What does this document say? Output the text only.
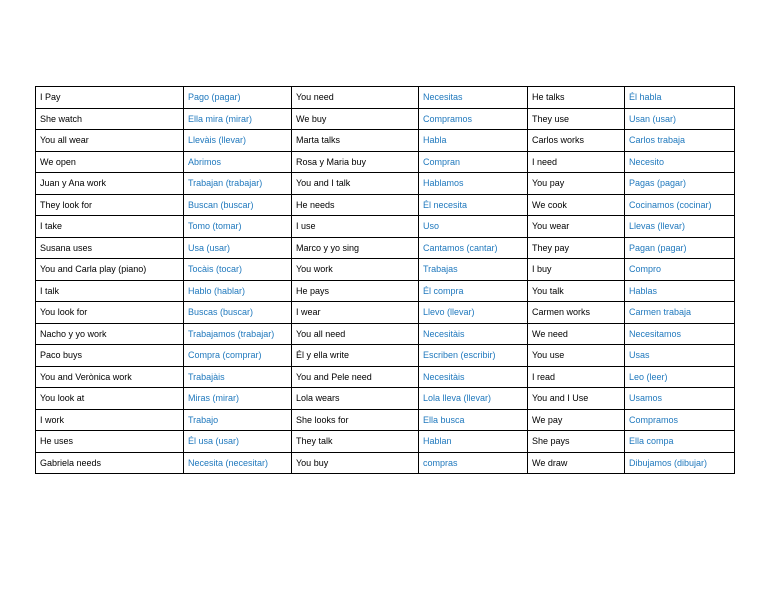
I Pay	Pago (pagar)	You need	Necesitas	He talks	Él habla
She watch	Ella mira (mirar)	We buy	Compramos	They use	Usan (usar)
You all wear	Llevàis (llevar)	Marta talks	Habla	Carlos works	Carlos trabaja
We open	Abrimos	Rosa y Maria buy	Compran	I need	Necesito
Juan y Ana work	Trabajan (trabajar)	You and I talk	Hablamos	You pay	Pagas (pagar)
They look for	Buscan (buscar)	He needs	Él necesita	We cook	Cocinamos (cocinar)
I take	Tomo (tomar)	I use	Uso	You wear	Llevas (llevar)
Susana uses	Usa (usar)	Marco y yo sing	Cantamos (cantar)	They pay	Pagan (pagar)
You and Carla play (piano)	Tocàis (tocar)	You work	Trabajas	I buy	Compro
I talk	Hablo (hablar)	He pays	Él compra	You talk	Hablas
You look for	Buscas (buscar)	I wear	Llevo (llevar)	Carmen works	Carmen trabaja
Nacho y yo work	Trabajamos (trabajar)	You all need	Necesitàis	We need	Necesitamos
Paco buys	Compra (comprar)	Él y ella write	Escriben (escribir)	You use	Usas
You and Verònica work	Trabajàis	You and Pele need	Necesitàis	I read	Leo (leer)
You look at	Miras (mirar)	Lola wears	Lola lleva (llevar)	You and I Use	Usamos
I work	Trabajo	She looks for	Ella busca	We pay	Compramos
He uses	Él usa (usar)	They talk	Hablan	She pays	Ella compa
Gabriela needs	Necesita (necesitar)	You buy	compras	We draw	Dibujamos (dibujar)
